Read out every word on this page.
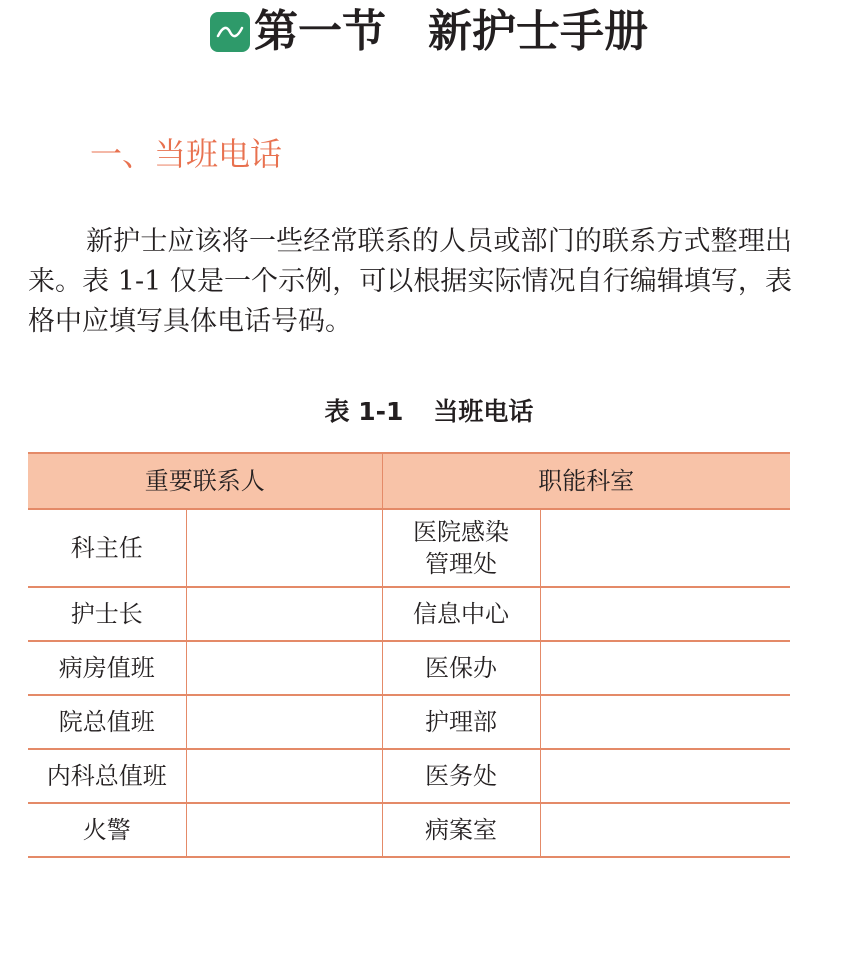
第一节 新护士手册
一、当班电话

新护士应该将一些经常联系的人员或部门的联系方式整理出来。表 1-1 仅是一个示例，可以根据实际情况自行编辑填写，表格中应填写具体电话号码。

表 1-1 当班电话
重要联系人		职能科室	
科主任		医院感染
管理处	
护士长		信息中心	
病房值班		医保办	
院总值班		护理部	
内科总值班		医务处	
火警		病案室	
